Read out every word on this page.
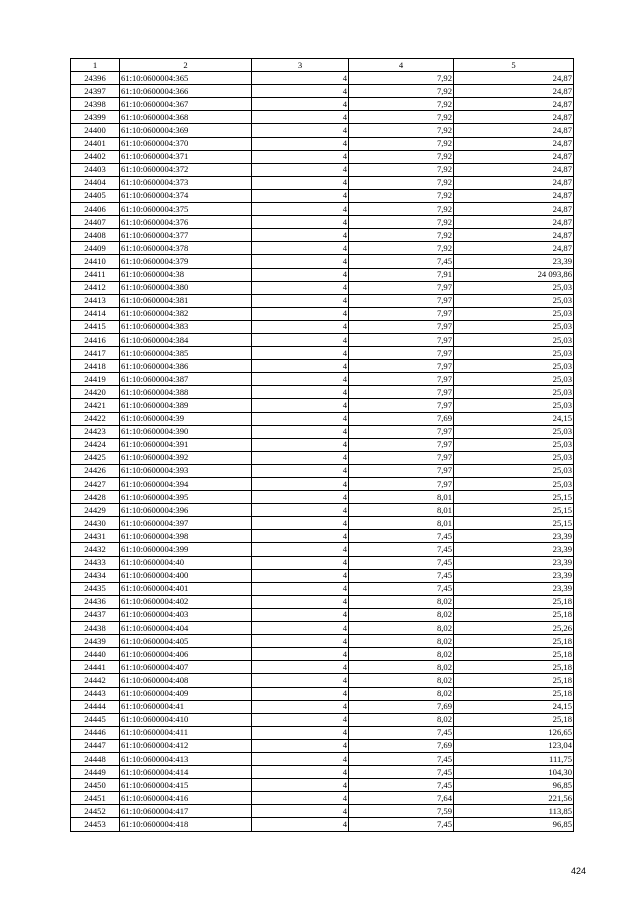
1	2	3	4	5
24396	61:10:0600004:365	4	7,92	24,87
24397	61:10:0600004:366	4	7,92	24,87
24398	61:10:0600004:367	4	7,92	24,87
24399	61:10:0600004:368	4	7,92	24,87
24400	61:10:0600004:369	4	7,92	24,87
24401	61:10:0600004:370	4	7,92	24,87
24402	61:10:0600004:371	4	7,92	24,87
24403	61:10:0600004:372	4	7,92	24,87
24404	61:10:0600004:373	4	7,92	24,87
24405	61:10:0600004:374	4	7,92	24,87
24406	61:10:0600004:375	4	7,92	24,87
24407	61:10:0600004:376	4	7,92	24,87
24408	61:10:0600004:377	4	7,92	24,87
24409	61:10:0600004:378	4	7,92	24,87
24410	61:10:0600004:379	4	7,45	23,39
24411	61:10:0600004:38	4	7,91	24 093,86
24412	61:10:0600004:380	4	7,97	25,03
24413	61:10:0600004:381	4	7,97	25,03
24414	61:10:0600004:382	4	7,97	25,03
24415	61:10:0600004:383	4	7,97	25,03
24416	61:10:0600004:384	4	7,97	25,03
24417	61:10:0600004:385	4	7,97	25,03
24418	61:10:0600004:386	4	7,97	25,03
24419	61:10:0600004:387	4	7,97	25,03
24420	61:10:0600004:388	4	7,97	25,03
24421	61:10:0600004:389	4	7,97	25,03
24422	61:10:0600004:39	4	7,69	24,15
24423	61:10:0600004:390	4	7,97	25,03
24424	61:10:0600004:391	4	7,97	25,03
24425	61:10:0600004:392	4	7,97	25,03
24426	61:10:0600004:393	4	7,97	25,03
24427	61:10:0600004:394	4	7,97	25,03
24428	61:10:0600004:395	4	8,01	25,15
24429	61:10:0600004:396	4	8,01	25,15
24430	61:10:0600004:397	4	8,01	25,15
24431	61:10:0600004:398	4	7,45	23,39
24432	61:10:0600004:399	4	7,45	23,39
24433	61:10:0600004:40	4	7,45	23,39
24434	61:10:0600004:400	4	7,45	23,39
24435	61:10:0600004:401	4	7,45	23,39
24436	61:10:0600004:402	4	8,02	25,18
24437	61:10:0600004:403	4	8,02	25,18
24438	61:10:0600004:404	4	8,02	25,26
24439	61:10:0600004:405	4	8,02	25,18
24440	61:10:0600004:406	4	8,02	25,18
24441	61:10:0600004:407	4	8,02	25,18
24442	61:10:0600004:408	4	8,02	25,18
24443	61:10:0600004:409	4	8,02	25,18
24444	61:10:0600004:41	4	7,69	24,15
24445	61:10:0600004:410	4	8,02	25,18
24446	61:10:0600004:411	4	7,45	126,65
24447	61:10:0600004:412	4	7,69	123,04
24448	61:10:0600004:413	4	7,45	111,75
24449	61:10:0600004:414	4	7,45	104,30
24450	61:10:0600004:415	4	7,45	96,85
24451	61:10:0600004:416	4	7,64	221,56
24452	61:10:0600004:417	4	7,59	113,85
24453	61:10:0600004:418	4	7,45	96,85
424
